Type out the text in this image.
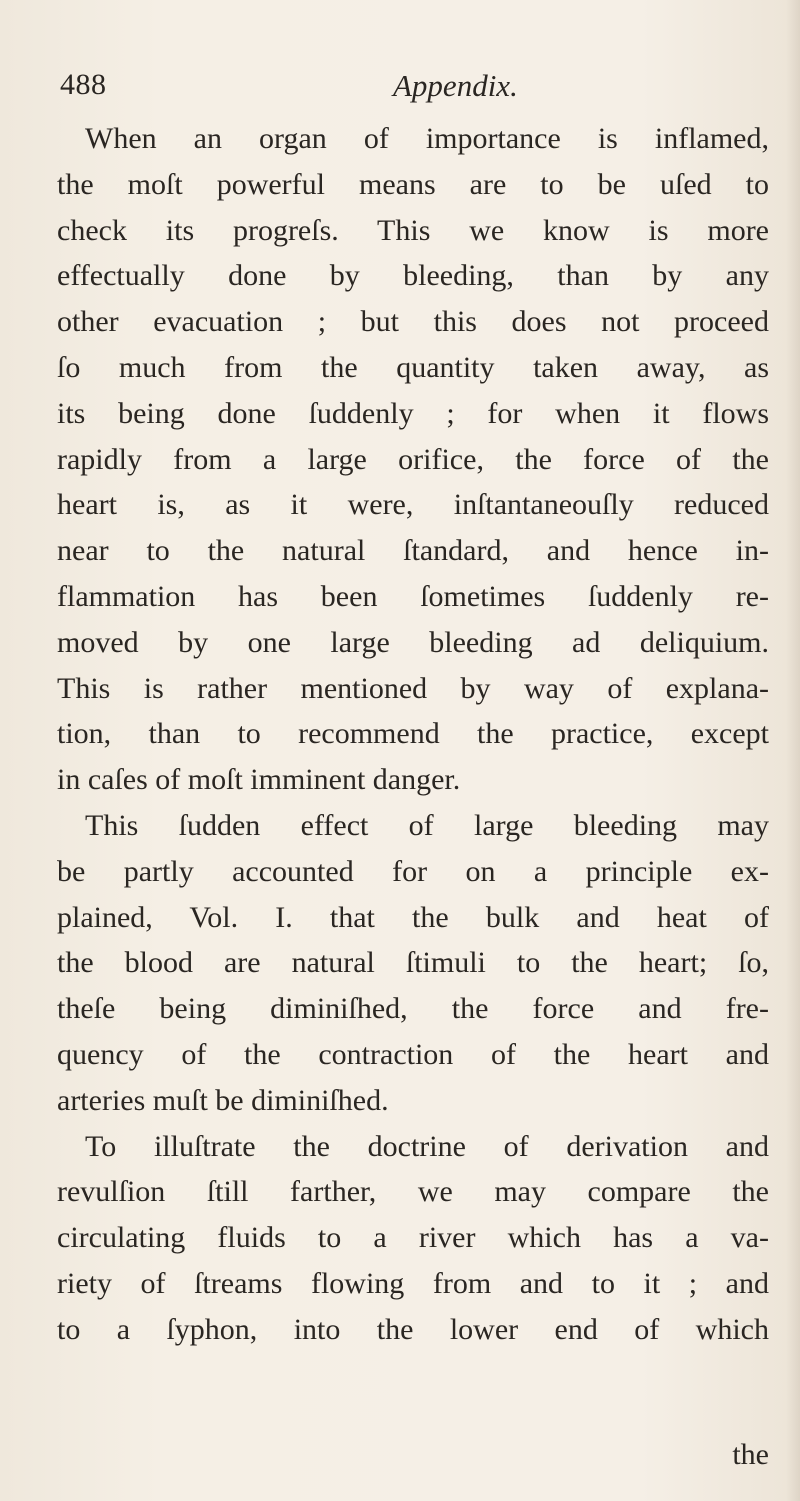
488	Appendix.
When an organ of importance is inflamed,
the moſt powerful means are to be uſed to
check its progreſs. This we know is more
effectually done by bleeding, than by any
other evacuation ; but this does not proceed
ſo much from the quantity taken away, as
its being done ſuddenly ; for when it flows
rapidly from a large orifice, the force of the
heart is, as it were, inſtantaneouſly reduced
near to the natural ſtandard, and hence in-
flammation has been ſometimes ſuddenly re-
moved by one large bleeding ad deliquium.
This is rather mentioned by way of explana-
tion, than to recommend the practice, except
in caſes of moſt imminent danger.
This ſudden effect of large bleeding may
be partly accounted for on a principle ex-
plained, Vol. I. that the bulk and heat of
the blood are natural ſtimuli to the heart; ſo,
theſe being diminiſhed, the force and fre-
quency of the contraction of the heart and
arteries muſt be diminiſhed.
To illuſtrate the doctrine of derivation and
revulſion ſtill farther, we may compare the
circulating fluids to a river which has a va-
riety of ſtreams flowing from and to it ; and
to a ſyphon, into the lower end of which
the
